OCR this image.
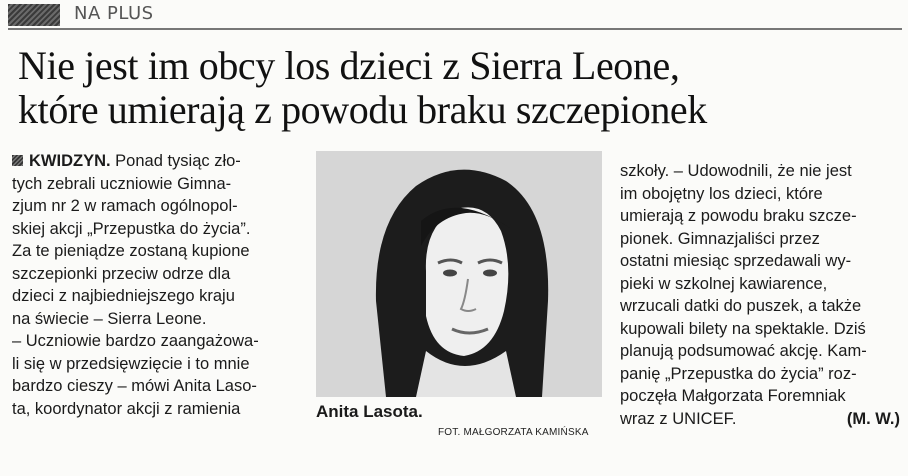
NA PLUS
Nie jest im obcy los dzieci z Sierra Leone,
które umierają z powodu braku szczepionek
KWIDZYN. Ponad tysiąc zło-
tych zebrali uczniowie Gimna-
zjum nr 2 w ramach ogólnopol-
skiej akcji „Przepustka do życia”.
Za te pieniądze zostaną kupione
szczepionki przeciw odrze dla
dzieci z najbiedniejszego kraju
na świecie – Sierra Leone.
– Uczniowie bardzo zaangażowa-
li się w przedsięwzięcie i to mnie
bardzo cieszy – mówi Anita Laso-
ta, koordynator akcji z ramienia	Anita Lasota.
FOT. MAŁGORZATA KAMIŃSKA
szkoły. – Udowodnili, że nie jest
im obojętny los dzieci, które
umierają z powodu braku szcze-
pionek. Gimnazjaliści przez
ostatni miesiąc sprzedawali wy-
pieki w szkolnej kawiarence,
wrzucali datki do puszek, a także
kupowali bilety na spektakle. Dziś
planują podsumować akcję. Kam-
panię „Przepustka do życia” roz-
poczęła Małgorzata Foremniak
wraz z UNICEF.	(M. W.)
